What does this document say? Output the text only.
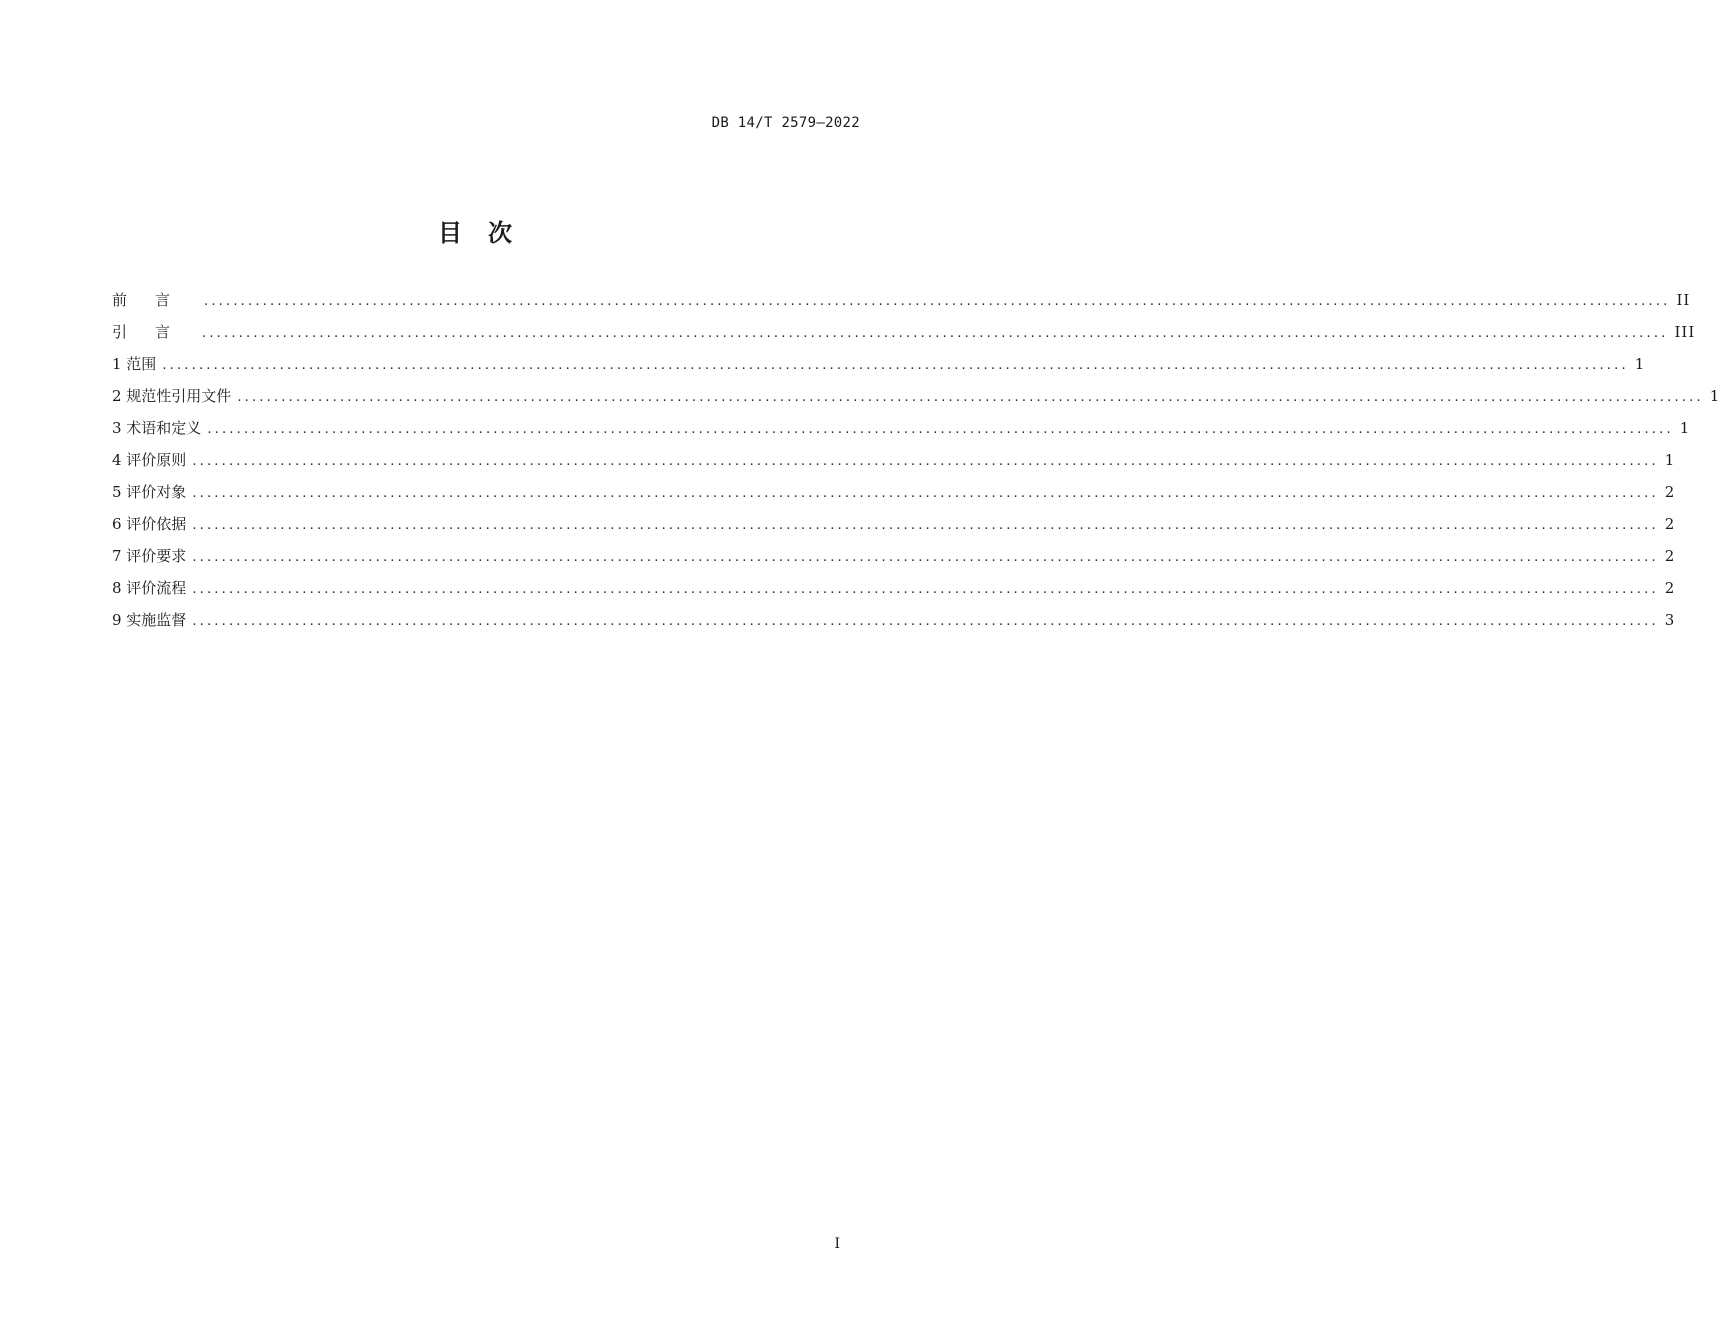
DB 14/T 2579—2022
目次
前言 ........................................................................................................................................................................................................ II
引言 ........................................................................................................................................................................................................ III
1 范围 ........................................................................................................................................................................................................ 1
2 规范性引用文件 ........................................................................................................................................................................................................ 1
3 术语和定义 ........................................................................................................................................................................................................ 1
4 评价原则 ........................................................................................................................................................................................................ 1
5 评价对象 ........................................................................................................................................................................................................ 2
6 评价依据 ........................................................................................................................................................................................................ 2
7 评价要求 ........................................................................................................................................................................................................ 2
8 评价流程 ........................................................................................................................................................................................................ 2
9 实施监督 ........................................................................................................................................................................................................ 3
I
